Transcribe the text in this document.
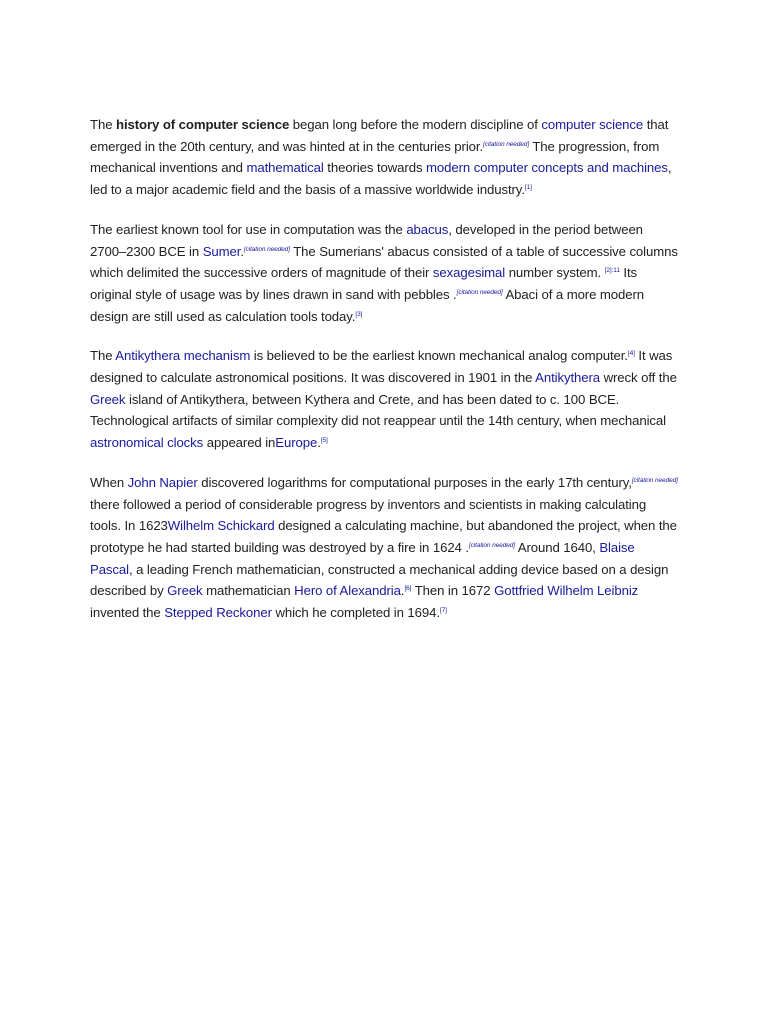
The history of computer science began long before the modern discipline of computer science that emerged in the 20th century, and was hinted at in the centuries prior.[citation needed] The progression, from mechanical inventions and mathematical theories towards modern computer concepts and machines, led to a major academic field and the basis of a massive worldwide industry.[1]

The earliest known tool for use in computation was the abacus, developed in the period between 2700–2300 BCE in Sumer.[citation needed] The Sumerians' abacus consisted of a table of successive columns which delimited the successive orders of magnitude of their sexagesimal number system. $^{[2]:11}$ Its original style of usage was by lines drawn in sand with pebbles .[citation needed] Abaci of a more modern design are still used as calculation tools today.[3]

The Antikythera mechanism is believed to be the earliest known mechanical analog computer.[4] It was designed to calculate astronomical positions. It was discovered in 1901 in the Antikythera wreck off the Greek island of Antikythera, between Kythera and Crete, and has been dated to c. 100 BCE. Technological artifacts of similar complexity did not reappear until the 14th century, when mechanical astronomical clocks appeared inEurope.[5]

When John Napier discovered logarithms for computational purposes in the early 17th century,[citation needed] there followed a period of considerable progress by inventors and scientists in making calculating tools. In 1623Wilhelm Schickard designed a calculating machine, but abandoned the project, when the prototype he had started building was destroyed by a fire in 1624 .[citation needed] Around 1640, Blaise Pascal, a leading French mathematician, constructed a mechanical adding device based on a design described by Greek mathematician Hero of Alexandria.[6] Then in 1672 Gottfried Wilhelm Leibniz invented the Stepped Reckoner which he completed in 1694.[7]
